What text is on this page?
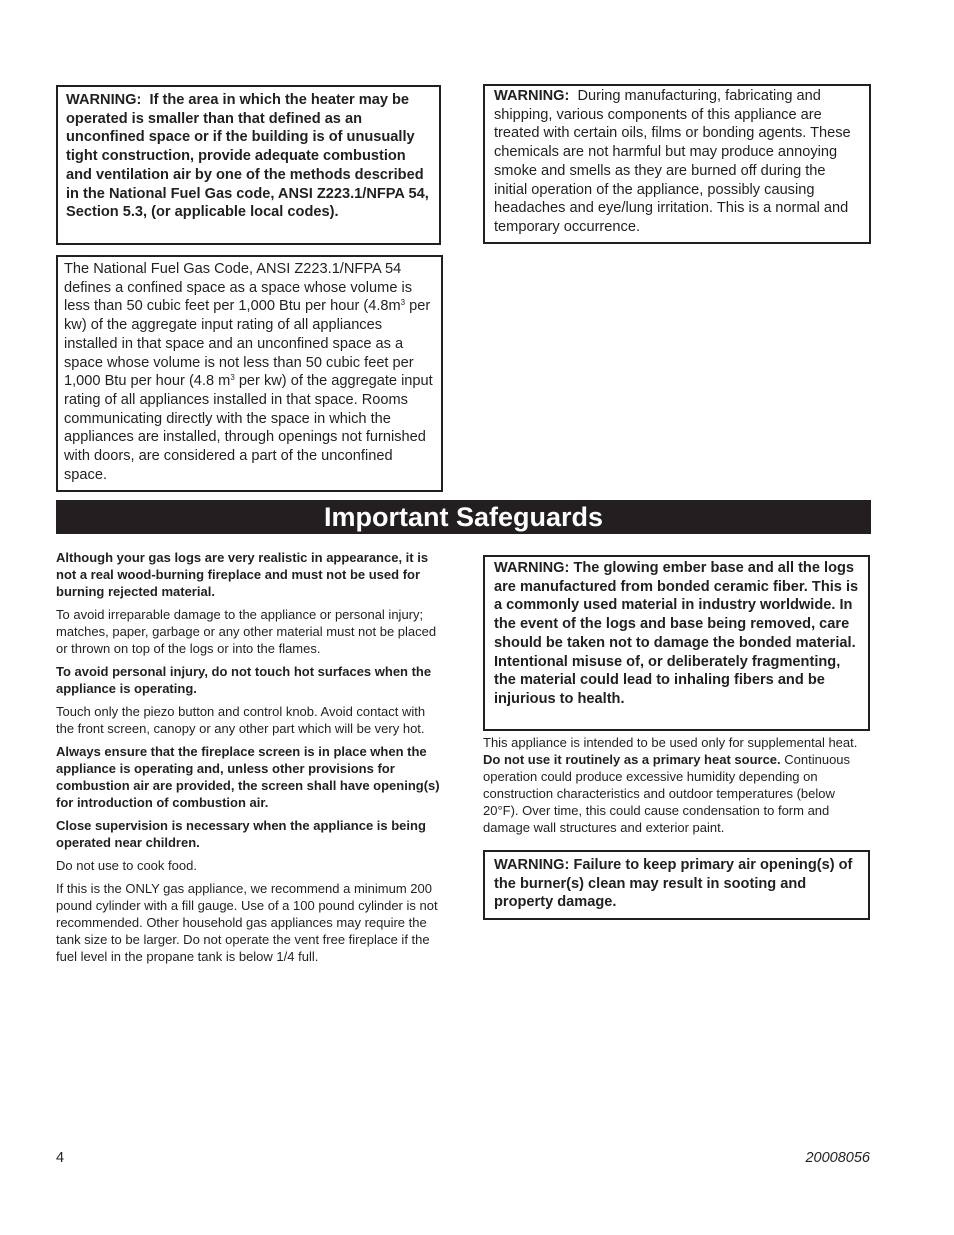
WARNING: If the area in which the heater may be operated is smaller than that defined as an unconfined space or if the building is of unusually tight construction, provide adequate combustion and ventilation air by one of the methods described in the National Fuel Gas code, ANSI Z223.1/NFPA 54, Section 5.3, (or applicable local codes).

WARNING: During manufacturing, fabricating and shipping, various components of this appliance are treated with certain oils, films or bonding agents. These chemicals are not harmful but may produce annoying smoke and smells as they are burned off during the initial operation of the appliance, possibly causing headaches and eye/lung irritation. This is a normal and temporary occurrence.

The National Fuel Gas Code, ANSI Z223.1/NFPA 54 defines a confined space as a space whose volume is less than 50 cubic feet per 1,000 Btu per hour ($4.8m^3$ per kw) of the aggregate input rating of all appliances installed in that space and an unconfined space as a space whose volume is not less than 50 cubic feet per 1,000 Btu per hour (4.8 $m^3$ per kw) of the aggregate input rating of all appliances installed in that space. Rooms communicating directly with the space in which the appliances are installed, through openings not furnished with doors, are considered a part of the unconfined space.

Important Safeguards

Although your gas logs are very realistic in appearance, it is not a real wood-burning fireplace and must not be used for burning rejected material.

To avoid irreparable damage to the appliance or personal injury; matches, paper, garbage or any other material must not be placed or thrown on top of the logs or into the flames.

To avoid personal injury, do not touch hot surfaces when the appliance is operating.

Touch only the piezo button and control knob. Avoid contact with the front screen, canopy or any other part which will be very hot.

Always ensure that the fireplace screen is in place when the appliance is operating and, unless other provisions for combustion air are provided, the screen shall have opening(s) for introduction of combustion air.

Close supervision is necessary when the appliance is being operated near children.

Do not use to cook food.

If this is the ONLY gas appliance, we recommend a minimum 200 pound cylinder with a fill gauge. Use of a 100 pound cylinder is not recommended. Other household gas appliances may require the tank size to be larger. Do not operate the vent free fireplace if the fuel level in the propane tank is below 1/4 full.

WARNING: The glowing ember base and all the logs are manufactured from bonded ceramic fiber. This is a commonly used material in industry worldwide. In the event of the logs and base being removed, care should be taken not to damage the bonded material.

Intentional misuse of, or deliberately fragmenting, the material could lead to inhaling fibers and be injurious to health.

This appliance is intended to be used only for supplemental heat.  Do not use it routinely as a primary heat source. Continuous operation could produce excessive humidity depending on construction characteristics and outdoor temperatures (below 20°F). Over time, this could cause condensation to form and damage wall structures and exterior paint.

WARNING: Failure to keep primary air opening(s) of the burner(s) clean may result in sooting and property damage.

4	20008056
